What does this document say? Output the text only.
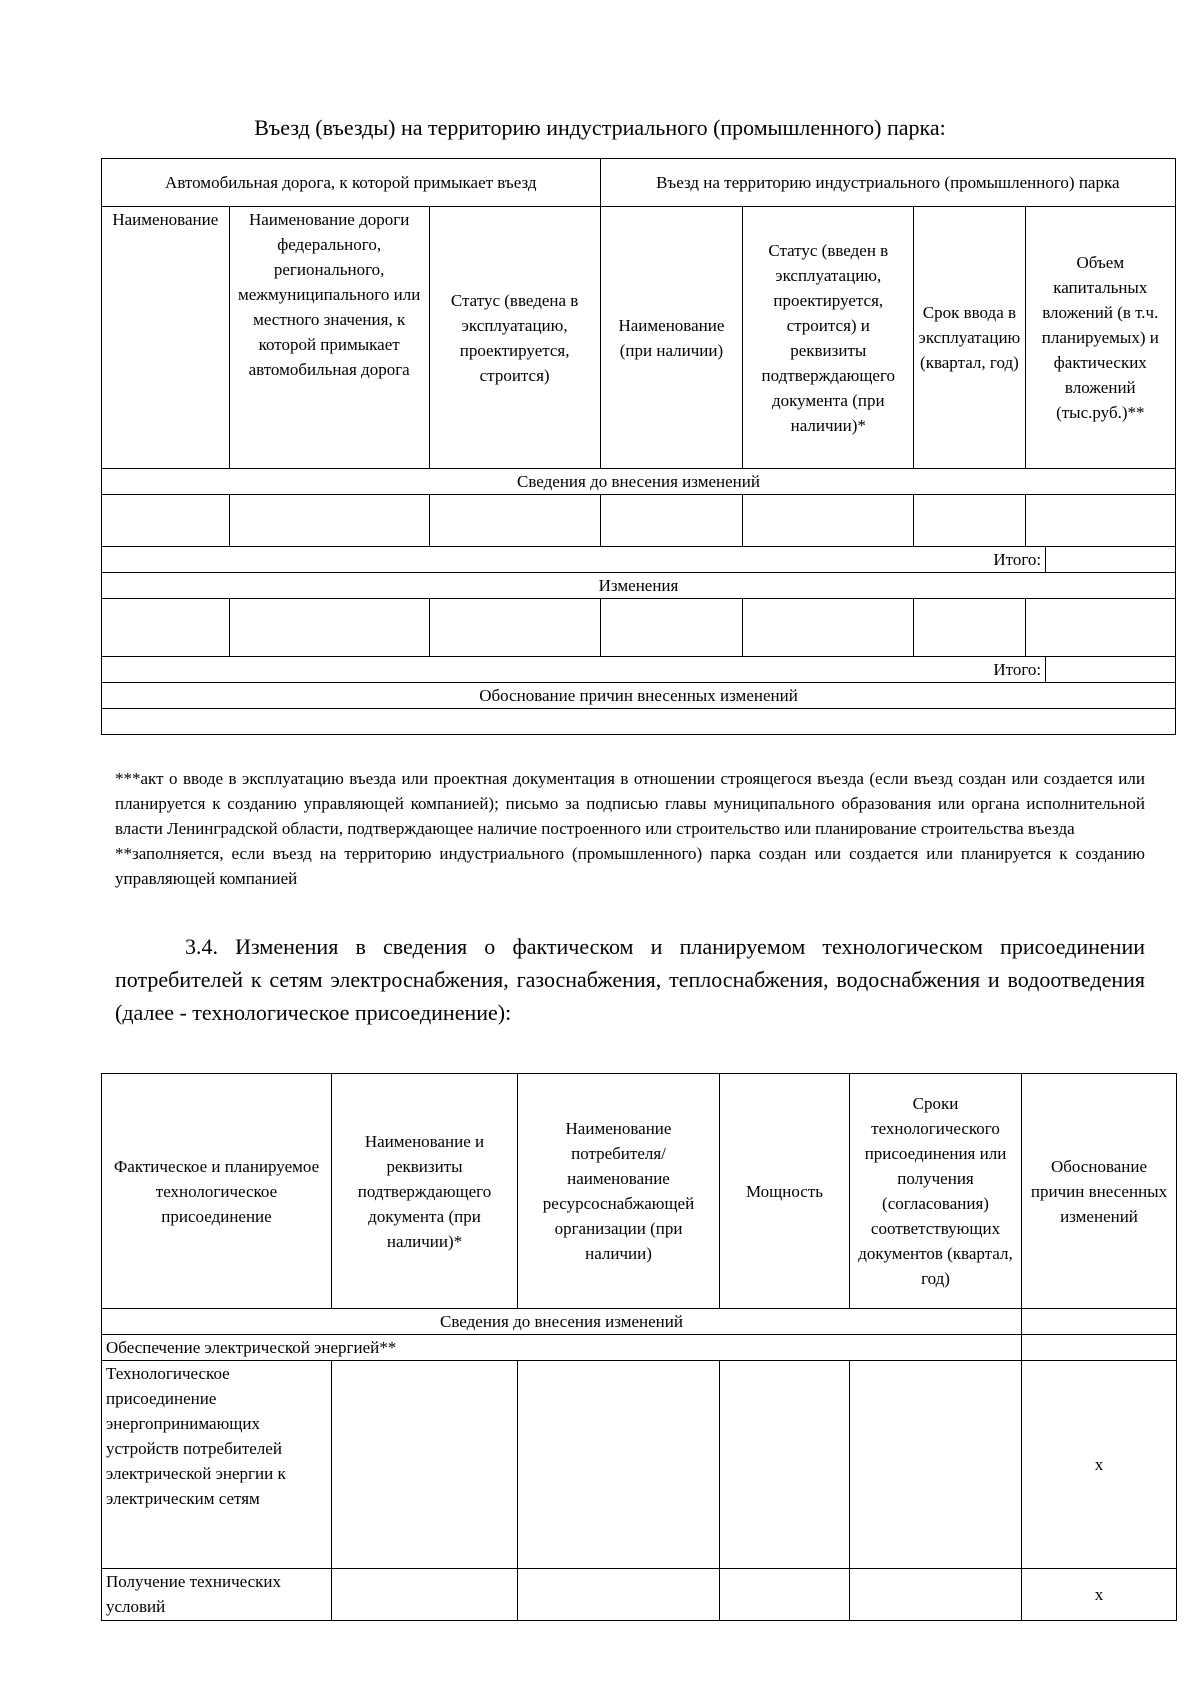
Въезд (въезды) на территорию индустриального (промышленного) парка:
Автомобильная дорога, к которой примыкает въезд			Въезд на территорию индустриального (промышленного) парка				
Наименование	Наименование дороги федерального, регионального, межмуниципального или местного значения, к которой примыкает автомобильная дорога	Статус (введена в эксплуатацию, проектируется, строится)	Наименование (при наличии)	Статус (введен в эксплуатацию, проектируется, строится) и реквизиты подтверждающего документа (при наличии)*	Срок ввода в эксплуатацию (квартал, год)	Объем капитальных вложений (в т.ч. планируемых) и фактических вложений (тыс.руб.)**	
Сведения до внесения изменений							

Итого:							
Изменения							

Итого:							
Обоснование причин внесенных изменений							

***акт о вводе в эксплуатацию въезда или проектная документация в отношении строящегося въезда (если въезд создан или создается или планируется к созданию управляющей компанией); письмо за подписью главы муниципального образования или органа исполнительной власти Ленинградской области, подтверждающее наличие построенного или строительство или планирование строительства въезда

**заполняется, если въезд на территорию индустриального (промышленного) парка создан или создается или планируется к созданию управляющей компанией

3.4. Изменения в сведения о фактическом и планируемом технологическом присоединении потребителей к сетям электроснабжения, газоснабжения, теплоснабжения, водоснабжения и водоотведения (далее - технологическое присоединение):

Фактическое и планируемое технологическое присоединение	Наименование и реквизиты подтверждающего документа (при наличии)*	Наименование потребителя/ наименование ресурсоснабжающей организации (при наличии)	Мощность	Сроки технологического присоединения или получения (согласования) соответствующих документов (квартал, год)	Обоснование причин внесенных изменений
Сведения до внесения изменений					
Обеспечение электрической энергией**					
Технологическое присоединение энергопринимающих устройств потребителей электрической энергии к электрическим сетям					х
Получение технических условий					х
